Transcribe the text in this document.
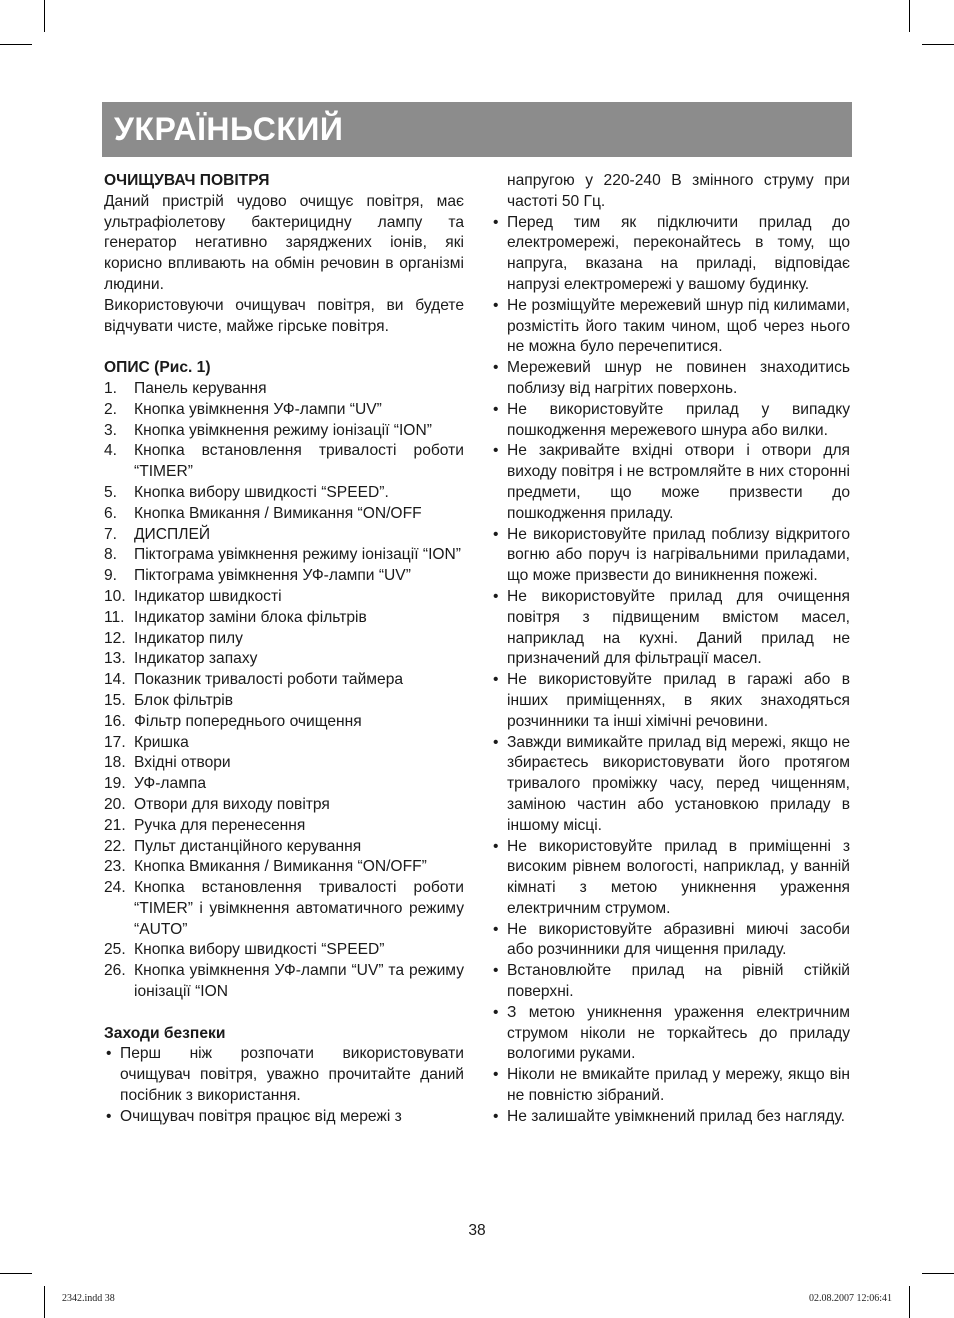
УКРАЇНЬСКИЙ

ОЧИЩУВАЧ ПОВІТРЯ

Даний пристрій чудово очищує повітря, має ультрафіолетову бактерицидну лампу та генератор негативно заряджених іонів, які корисно впливають на обмін речовин в організмі людини.

Використовуючи очищувач повітря, ви будете відчувати чисте, майже гірське повітря.

ОПИС (Рис. 1)

1.	Панель керування
2.	Кнопка увімкнення УФ-лампи “UV”
3.	Кнопка увімкнення режиму іонізації “ION”
4.	Кнопка встановлення тривалості роботи “TIMER”
5.	Кнопка вибору швидкості “SPEED”.
6.	Кнопка Вмикання / Вимикання “ON/OFF
7.	ДИСПЛЕЙ
8.	Піктограма увімкнення режиму іонізації “ION”
9.	Піктограма увімкнення УФ-лампи “UV”
10. Індикатор швидкості
11. Індикатор заміни блока фільтрів
12. Індикатор пилу
13. Індикатор запаху
14. Показник тривалості роботи таймера
15. Блок фільтрів
16. Фільтр попереднього очищення
17. Кришка
18. Вхідні отвори
19. УФ-лампа
20. Отвори для виходу повітря
21. Ручка для перенесення
22. Пульт дистанційного керування
23. Кнопка Вмикання / Вимикання “ON/OFF”
24. Кнопка встановлення тривалості роботи “TIMER” і увімкнення автоматичного режиму “AUTO”
25. Кнопка вибору швидкості “SPEED”
26. Кнопка увімкнення УФ-лампи “UV” та режиму іонізації “ION

Заходи безпеки

• Перш ніж розпочати використовувати очищувач повітря, уважно прочитайте даний посібник з використання.
• Очищувач повітря працює від мережі з

напругою у 220-240 В змінного струму при частоті 50 Гц.

• Перед тим як підключити прилад до електромережі, переконайтесь в тому, що напруга, вказана на приладі, відповідає напрузі електромережі у вашому будинку.
• Не розміщуйте мережевий шнур під килимами, розмістіть його таким чином, щоб через нього не можна було перечепитися.
• Мережевий шнур не повинен знаходитись поблизу від нагрітих поверхонь.
• Не використовуйте прилад у випадку пошкодження мережевого шнура або вилки.
• Не закривайте вхідні отвори і отвори для виходу повітря і не встромляйте в них сторонні предмети, що може призвести до пошкодження приладу.
• Не використовуйте прилад поблизу відкритого вогню або поруч із нагрівальними приладами, що може призвести до виникнення пожежі.
• Не використовуйте прилад для очищення повітря з підвищеним вмістом масел, наприклад на кухні. Даний прилад не призначений для фільтрації масел.
• Не використовуйте прилад в гаражі або в інших приміщеннях, в яких знаходяться розчинники та інші хімічні речовини.
• Завжди вимикайте прилад від мережі, якщо не збираєтесь використовувати його протягом тривалого проміжку часу, перед чищенням, заміною частин або установкою приладу в іншому місці.
• Не використовуйте прилад в приміщенні з високим рівнем вологості, наприклад, у ванній кімнаті з метою уникнення ураження електричним струмом.
• Не використовуйте абразивні миючі засоби або розчинники для чищення приладу.
• Встановлюйте прилад на рівній стійкій поверхні.
• З метою уникнення ураження електричним струмом ніколи не торкайтесь до приладу вологими руками.
• Ніколи не вмикайте прилад у мережу, якщо він не повністю зібраний.
• Не залишайте увімкнений прилад без нагляду.
38
2342.indd 38	02.08.2007 12:06:41
